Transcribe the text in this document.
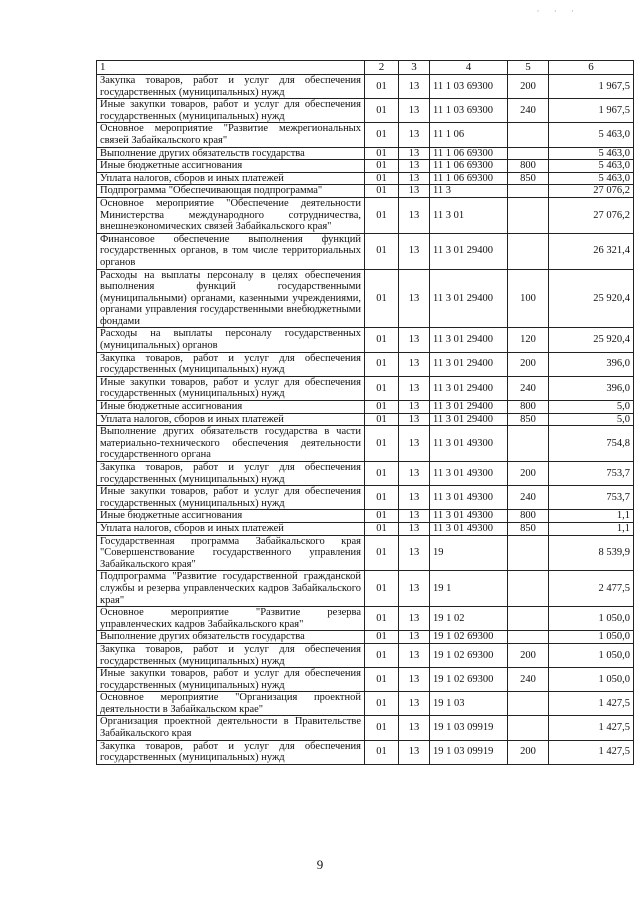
· · ·
1	2	3	4	5	6
Закупка товаров, работ и услуг для обеспечения государственных (муниципальных) нужд	01	13	11 1 03 69300	200	1 967,5
Иные закупки товаров, работ и услуг для обеспечения государственных (муниципальных) нужд	01	13	11 1 03 69300	240	1 967,5
Основное мероприятие "Развитие межрегиональных связей Забайкальского края"	01	13	11 1 06		5 463,0
Выполнение других обязательств государства	01	13	11 1 06 69300		5 463,0
Иные бюджетные ассигнования	01	13	11 1 06 69300	800	5 463,0
Уплата налогов, сборов и иных платежей	01	13	11 1 06 69300	850	5 463,0
Подпрограмма "Обеспечивающая подпрограмма"	01	13	11 3		27 076,2
Основное мероприятие "Обеспечение деятельности Министерства международного сотрудничества, внешнеэкономических связей Забайкальского края"	01	13	11 3 01		27 076,2
Финансовое обеспечение выполнения функций государственных органов, в том числе территориальных органов	01	13	11 3 01 29400		26 321,4
Расходы на выплаты персоналу в целях обеспечения выполнения функций государственными (муниципальными) органами, казенными учреждениями, органами управления государственными внебюджетными фондами	01	13	11 3 01 29400	100	25 920,4
Расходы на выплаты персоналу государственных (муниципальных) органов	01	13	11 3 01 29400	120	25 920,4
Закупка товаров, работ и услуг для обеспечения государственных (муниципальных) нужд	01	13	11 3 01 29400	200	396,0
Иные закупки товаров, работ и услуг для обеспечения государственных (муниципальных) нужд	01	13	11 3 01 29400	240	396,0
Иные бюджетные ассигнования	01	13	11 3 01 29400	800	5,0
Уплата налогов, сборов и иных платежей	01	13	11 3 01 29400	850	5,0
Выполнение других обязательств государства в части материально-технического обеспечения деятельности государственного органа	01	13	11 3 01 49300		754,8
Закупка товаров, работ и услуг для обеспечения государственных (муниципальных) нужд	01	13	11 3 01 49300	200	753,7
Иные закупки товаров, работ и услуг для обеспечения государственных (муниципальных) нужд	01	13	11 3 01 49300	240	753,7
Иные бюджетные ассигнования	01	13	11 3 01 49300	800	1,1
Уплата налогов, сборов и иных платежей	01	13	11 3 01 49300	850	1,1
Государственная программа Забайкальского края "Совершенствование государственного управления Забайкальского края"	01	13	19		8 539,9
Подпрограмма "Развитие государственной гражданской службы и резерва управленческих кадров Забайкальского края"	01	13	19 1		2 477,5
Основное мероприятие "Развитие резерва управленческих кадров Забайкальского края"	01	13	19 1 02		1 050,0
Выполнение других обязательств государства	01	13	19 1 02 69300		1 050,0
Закупка товаров, работ и услуг для обеспечения государственных (муниципальных) нужд	01	13	19 1 02 69300	200	1 050,0
Иные закупки товаров, работ и услуг для обеспечения государственных (муниципальных) нужд	01	13	19 1 02 69300	240	1 050,0
Основное мероприятие "Организация проектной деятельности в Забайкальском крае"	01	13	19 1 03		1 427,5
Организация проектной деятельности в Правительстве Забайкальского края	01	13	19 1 03 09919		1 427,5
Закупка товаров, работ и услуг для обеспечения государственных (муниципальных) нужд	01	13	19 1 03 09919	200	1 427,5
9
